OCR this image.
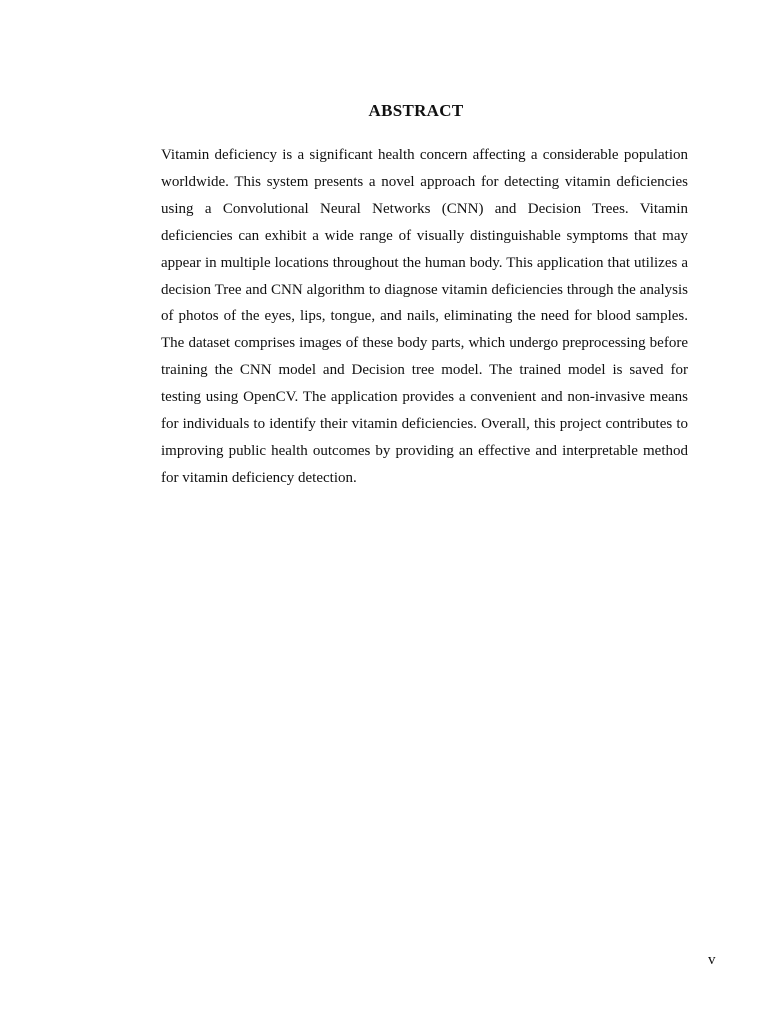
ABSTRACT

Vitamin deficiency is a significant health concern affecting a considerable population worldwide. This system presents a novel approach for detecting vitamin deficiencies using a Convolutional Neural Networks (CNN) and Decision Trees. Vitamin deficiencies can exhibit a wide range of visually distinguishable symptoms that may appear in multiple locations throughout the human body. This application that utilizes a decision Tree and CNN algorithm to diagnose vitamin deficiencies through the analysis of photos of the eyes, lips, tongue, and nails, eliminating the need for blood samples. The dataset comprises images of these body parts, which undergo preprocessing before training the CNN model and Decision tree model. The trained model is saved for testing using OpenCV. The application provides a convenient and non-invasive means for individuals to identify their vitamin deficiencies. Overall, this project contributes to improving public health outcomes by providing an effective and interpretable method for vitamin deficiency detection.

v
